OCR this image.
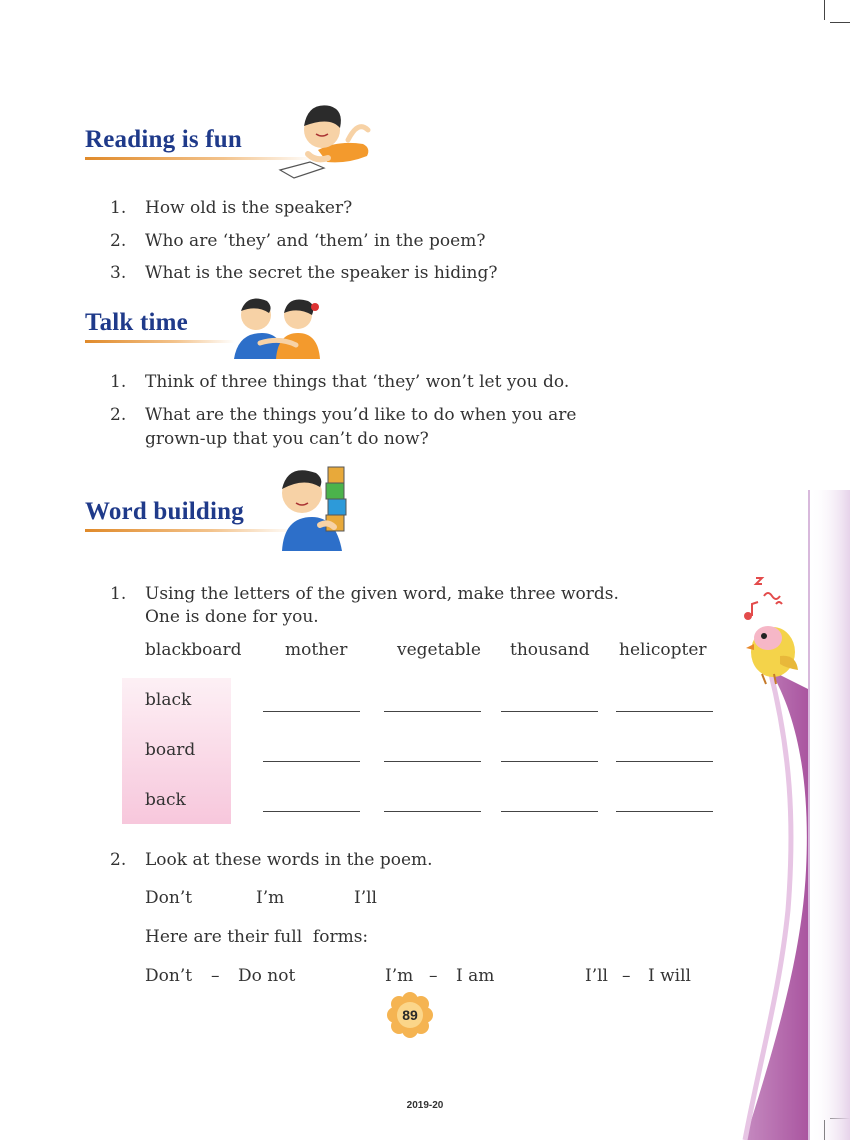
Reading is fun
1. How old is the speaker?
2. Who are ‘they’ and ‘them’ in the poem?
3. What is the secret the speaker is hiding?
Talk time
1. Think of three things that ‘they’ won’t let you do.
2. What are the things you’d like to do when you are
grown-up that you can’t do now?
Word building
1. Using the letters of the given word, make three words.
One is done for you.
blackboard	mother	vegetable thousand helicopter
black
board
back
2. Look at these words in the poem.
Don’t	I’m	I’ll
Here are their full  forms:
Don’t – Do not	I’m – I am	I’ll – I will
89
2019-20
